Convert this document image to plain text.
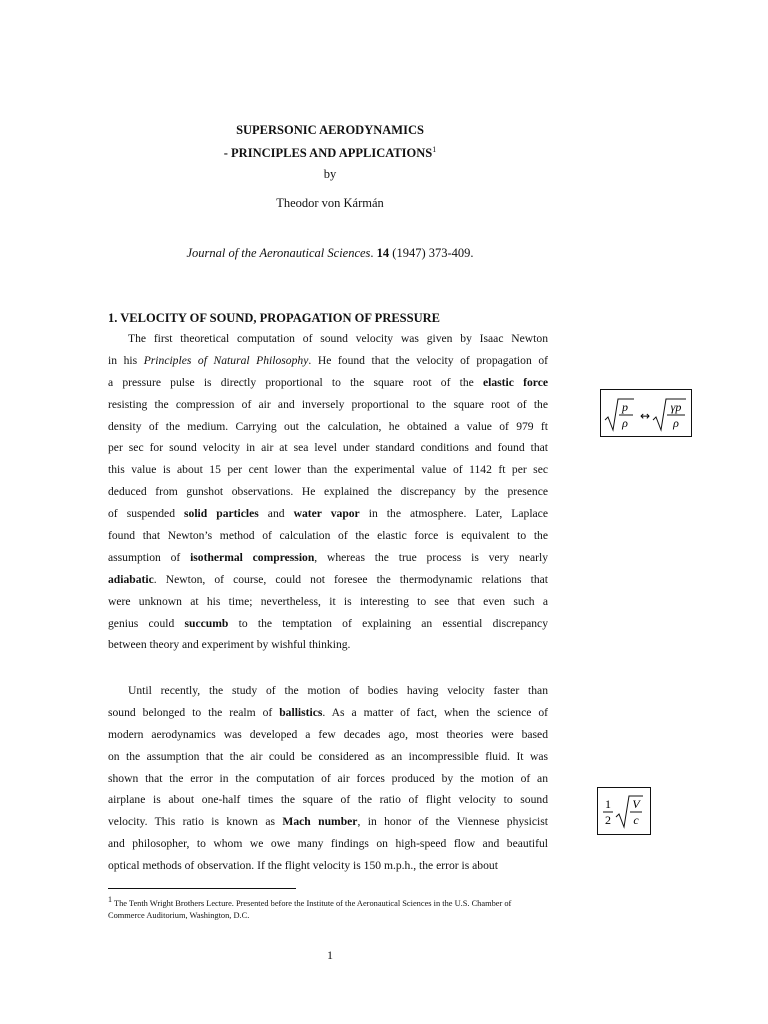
SUPERSONIC AERODYNAMICS
- PRINCIPLES AND APPLICATIONS$^1$
by
Theodor von Kármán
Journal of the Aeronautical Sciences. 14 (1947) 373-409.
1. VELOCITY OF SOUND, PROPAGATION OF PRESSURE
The first theoretical computation of sound velocity was given by Isaac Newton
in his Principles of Natural Philosophy. He found that the velocity of propagation of
a pressure pulse is directly proportional to the square root of the elastic force
resisting the compression of air and inversely proportional to the square root of the
density of the medium. Carrying out the calculation, he obtained a value of 979 ft
per sec for sound velocity in air at sea level under standard conditions and found that
this value is about 15 per cent lower than the experimental value of 1142 ft per sec
deduced from gunshot observations. He explained the discrepancy by the presence
of suspended solid particles and water vapor in the atmosphere. Later, Laplace
found that Newton’s method of calculation of the elastic force is equivalent to the
assumption of isothermal compression, whereas the true process is very nearly
adiabatic. Newton, of course, could not foresee the thermodynamic relations that
were unknown at his time; nevertheless, it is interesting to see that even such a
genius could succumb to the temptation of explaining an essential discrepancy
between theory and experiment by wishful thinking.
Until recently, the study of the motion of bodies having velocity faster than
sound belonged to the realm of ballistics. As a matter of fact, when the science of
modern aerodynamics was developed a few decades ago, most theories were based
on the assumption that the air could be considered as an incompressible fluid. It was
shown that the error in the computation of air forces produced by the motion of an
airplane is about one-half times the square of the ratio of flight velocity to sound
velocity. This ratio is known as Mach number, in honor of the Viennese physicist
and philosopher, to whom we owe many findings on high-speed flow and beautiful
optical methods of observation. If the flight velocity is 150 m.p.h., the error is about
p
ρ ↔
γp
ρ
1
2
V
c
$^1$ The Tenth Wright Brothers Lecture. Presented before the Institute of the Aeronautical Sciences in the U.S. Chamber of Commerce Auditorium, Washington, D.C.
1
